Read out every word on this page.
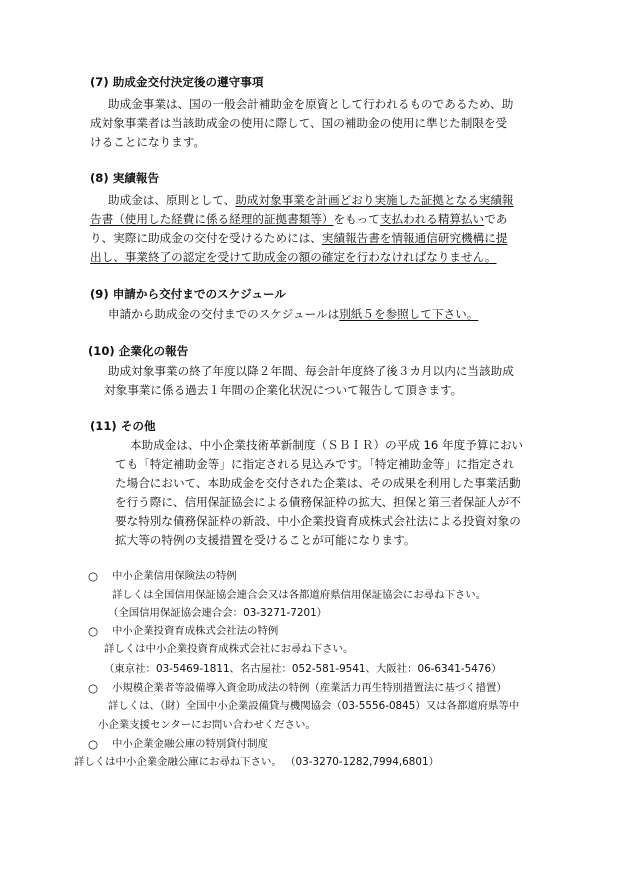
(7) 助成金交付決定後の遵守事項
助成金事業は、国の一般会計補助金を原資として行われるものであるため、助
成対象事業者は当該助成金の使用に際して、国の補助金の使用に準じた制限を受
けることになります。
(8) 実績報告
助成金は、原則として、助成対象事業を計画どおり実施した証拠となる実績報
告書（使用した経費に係る経理的証拠書類等）をもって支払われる精算払いであ
り、実際に助成金の交付を受けるためには、実績報告書を情報通信研究機構に提
出し、事業終了の認定を受けて助成金の額の確定を行わなければなりません。
(9) 申請から交付までのスケジュール
申請から助成金の交付までのスケジュールは別紙５を参照して下さい。
(10) 企業化の報告
助成対象事業の終了年度以降２年間、毎会計年度終了後３カ月以内に当該助成
対象事業に係る過去１年間の企業化状況について報告して頂きます。
(11) その他
本助成金は、中小企業技術革新制度（ＳＢＩＲ）の平成 16 年度予算におい
ても「特定補助金等」に指定される見込みです。「特定補助金等」に指定され
た場合において、本助成金を交付された企業は、その成果を利用した事業活動
を行う際に、信用保証協会による債務保証枠の拡大、担保と第三者保証人が不
要な特別な債務保証枠の新設、中小企業投資育成株式会社法による投資対象の
拡大等の特例の支援措置を受けることが可能になります。
○ 中小企業信用保険法の特例
詳しくは全国信用保証協会連合会又は各都道府県信用保証協会にお尋ね下さい。
（全国信用保証協会連合会：03-3271-7201）
○ 中小企業投資育成株式会社法の特例
詳しくは中小企業投資育成株式会社にお尋ね下さい。
（東京社：03-5469-1811、名古屋社：052-581-9541、大阪社：06-6341-5476）
○ 小規模企業者等設備導入資金助成法の特例（産業活力再生特別措置法に基づく措置）
詳しくは、（財）全国中小企業設備貸与機関協会（03-5556-0845）又は各都道府県等中
小企業支援センターにお問い合わせください。
○ 中小企業金融公庫の特別貸付制度
詳しくは中小企業金融公庫にお尋ね下さい。 （03-3270-1282,7994,6801）
